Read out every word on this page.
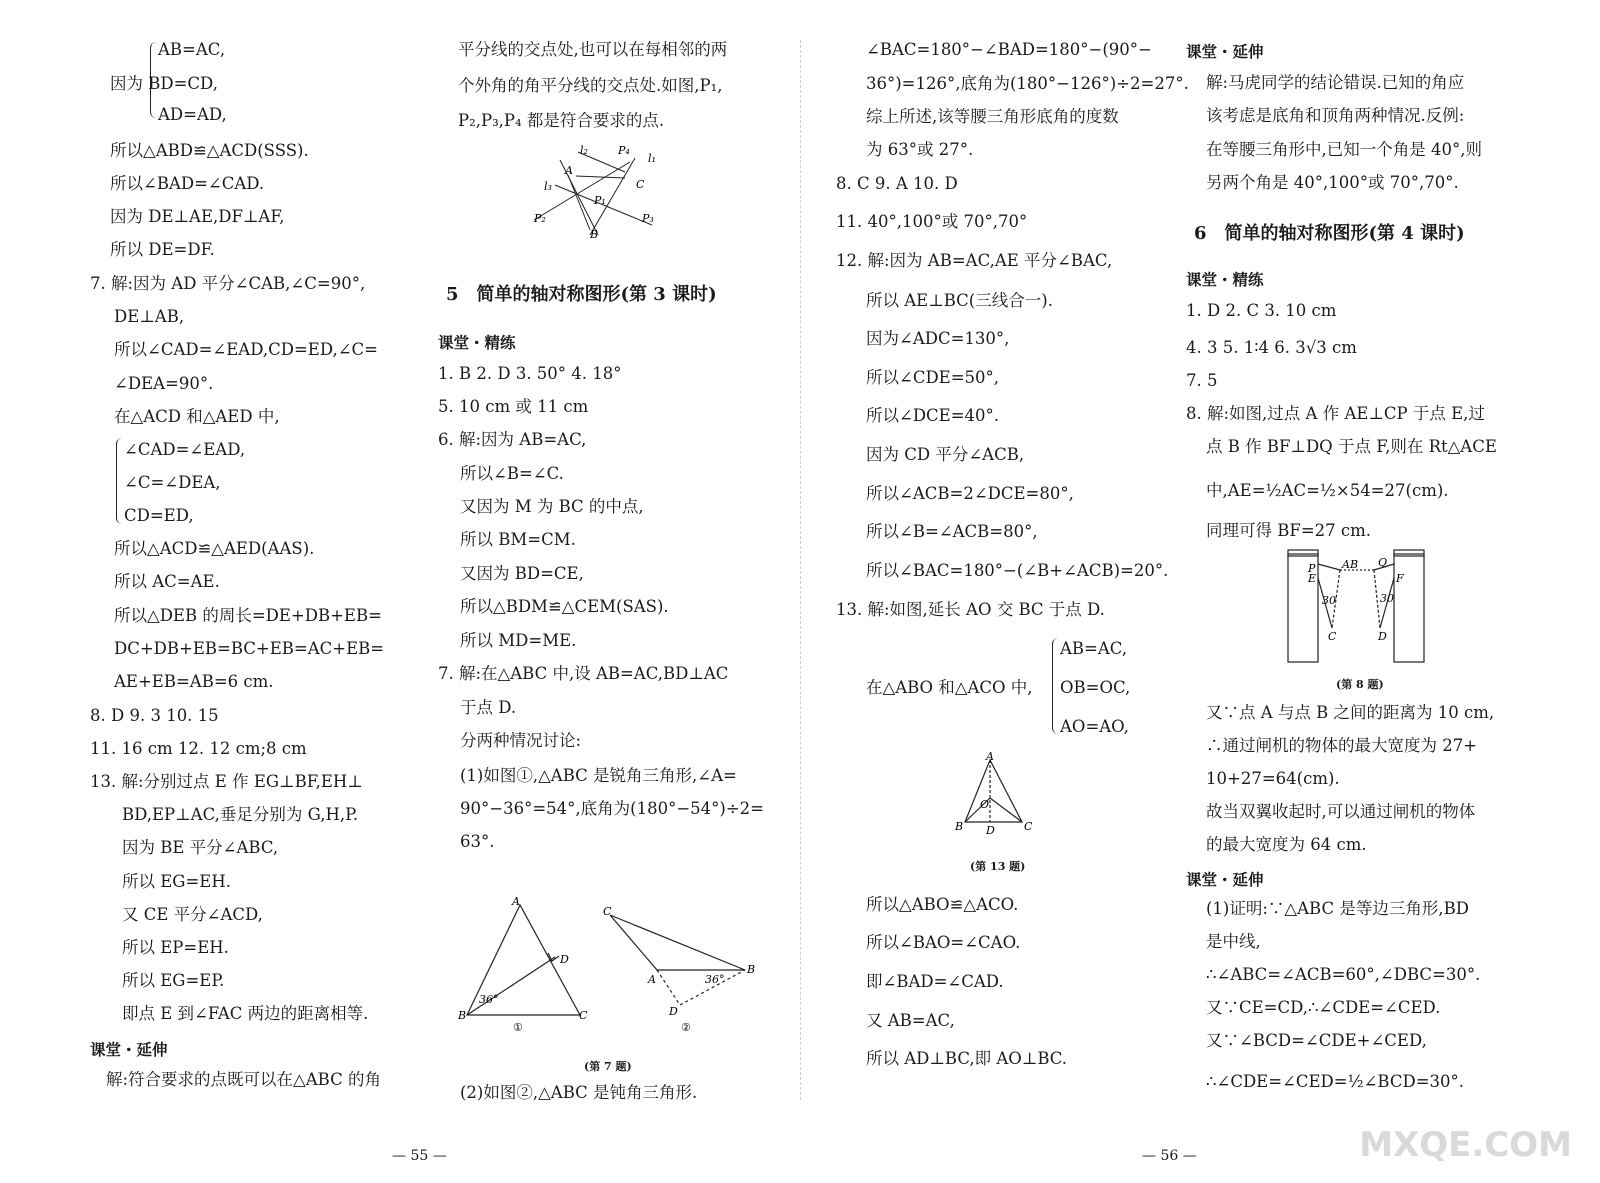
AB=AC,
因为 BD=CD,
AD=AD,
所以△ABD≌△ACD(SSS).
所以∠BAD=∠CAD.
因为 DE⊥AE,DF⊥AF,
所以 DE=DF.
7. 解:因为 AD 平分∠CAB,∠C=90°,
DE⊥AB,
所以∠CAD=∠EAD,CD=ED,∠C=
∠DEA=90°.
在△ACD 和△AED 中,
∠CAD=∠EAD,
∠C=∠DEA,
CD=ED,
所以△ACD≌△AED(AAS).
所以 AC=AE.
所以△DEB 的周长=DE+DB+EB=
DC+DB+EB=BC+EB=AC+EB=
AE+EB=AB=6 cm.
8. D 9. 3 10. 15
11. 16 cm 12. 12 cm;8 cm
13. 解:分别过点 E 作 EG⊥BF,EH⊥
BD,EP⊥AC,垂足分别为 G,H,P.
因为 BE 平分∠ABC,
所以 EG=EH.
又 CE 平分∠ACD,
所以 EP=EH.
所以 EG=EP.
即点 E 到∠FAC 两边的距离相等.
课堂・延伸
解:符合要求的点既可以在△ABC 的角
平分线的交点处,也可以在每相邻的两
个外角的角平分线的交点处.如图,P₁,
P₂,P₃,P₄ 都是符合要求的点.
l₂	P₄
l₁
A
C
l₃
P₁
P₂	P₃
B
5　简单的轴对称图形(第 3 课时)
课堂・精练
1. B 2. D 3. 50° 4. 18°
5. 10 cm 或 11 cm
6. 解:因为 AB=AC,
所以∠B=∠C.
又因为 M 为 BC 的中点,
所以 BM=CM.
又因为 BD=CE,
所以△BDM≌△CEM(SAS).
所以 MD=ME.
7. 解:在△ABC 中,设 AB=AC,BD⊥AC
于点 D.
分两种情况讨论:
(1)如图①,△ABC 是锐角三角形,∠A=
90°−36°=54°,底角为(180°−54°)÷2=
63°.
A
D
B	C
36°
C
A
B
D
36°
①	②
(第 7 题)
(2)如图②,△ABC 是钝角三角形.
— 55 —
∠BAC=180°−∠BAD=180°−(90°−
36°)=126°,底角为(180°−126°)÷2=27°.
综上所述,该等腰三角形底角的度数
为 63°或 27°.
8. C 9. A 10. D
11. 40°,100°或 70°,70°
12. 解:因为 AB=AC,AE 平分∠BAC,
所以 AE⊥BC(三线合一).
因为∠ADC=130°,
所以∠CDE=50°,
所以∠DCE=40°.
因为 CD 平分∠ACB,
所以∠ACB=2∠DCE=80°,
所以∠B=∠ACB=80°,
所以∠BAC=180°−(∠B+∠ACB)=20°.
13. 解:如图,延长 AO 交 BC 于点 D.
在△ABO 和△ACO 中,
AB=AC,
OB=OC,
AO=AO,
A
O
B D	C
(第 13 题)
所以△ABO≌△ACO.
所以∠BAO=∠CAO.
即∠BAD=∠CAD.
又 AB=AC,
所以 AD⊥BC,即 AO⊥BC.
课堂・延伸
解:马虎同学的结论错误.已知的角应
该考虑是底角和顶角两种情况.反例:
在等腰三角形中,已知一个角是 40°,则
另两个角是 40°,100°或 70°,70°.
6　简单的轴对称图形(第 4 课时)
课堂・精练
1. D 2. C 3. 10 cm
4. 3 5. 1∶4 6. 3√3 cm
7. 5
8. 解:如图,过点 A 作 AE⊥CP 于点 E,过
点 B 作 BF⊥DQ 于点 F,则在 Rt△ACE
中,AE=½AC=½×54=27(cm).
同理可得 BF=27 cm.
P
E
AB Q
F
30	30
C	D
(第 8 题)
又∵点 A 与点 B 之间的距离为 10 cm,
∴通过闸机的物体的最大宽度为 27+
10+27=64(cm).
故当双翼收起时,可以通过闸机的物体
的最大宽度为 64 cm.
课堂・延伸
(1)证明:∵△ABC 是等边三角形,BD
是中线,
∴∠ABC=∠ACB=60°,∠DBC=30°.
又∵CE=CD,∴∠CDE=∠CED.
又∵∠BCD=∠CDE+∠CED,
∴∠CDE=∠CED=½∠BCD=30°.
— 56 —	MXQE.COM
